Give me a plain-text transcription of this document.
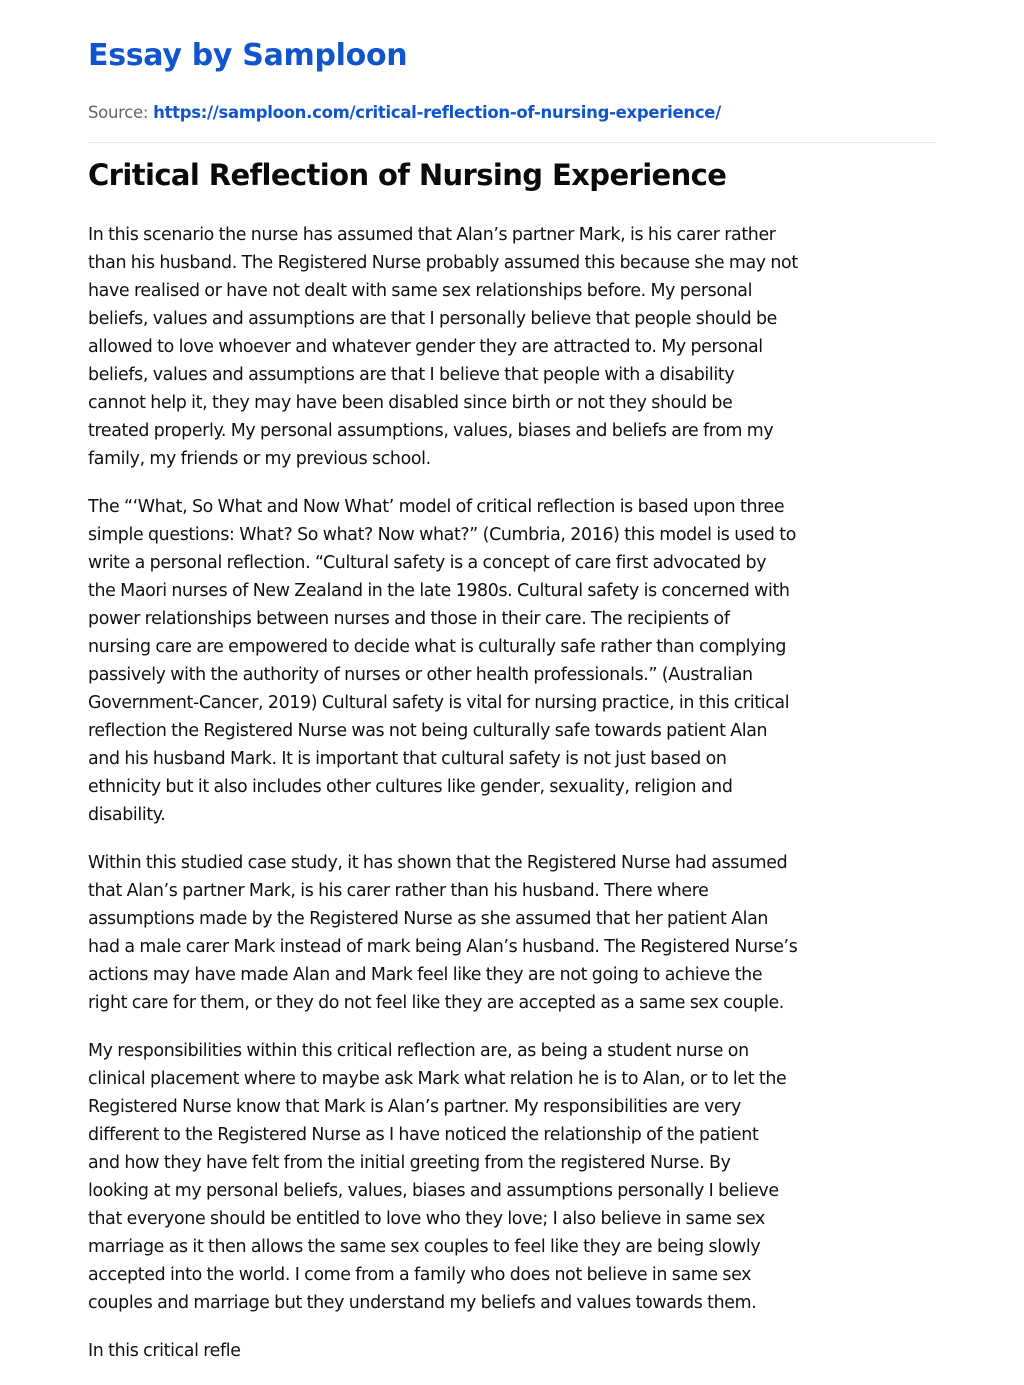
Essay by Samploon
Source: https://samploon.com/critical-reflection-of-nursing-experience/
Critical Reflection of Nursing Experience

In this scenario the nurse has assumed that Alan’s partner Mark, is his carer rather
than his husband. The Registered Nurse probably assumed this because she may not
have realised or have not dealt with same sex relationships before. My personal
beliefs, values and assumptions are that I personally believe that people should be
allowed to love whoever and whatever gender they are attracted to. My personal
beliefs, values and assumptions are that I believe that people with a disability
cannot help it, they may have been disabled since birth or not they should be
treated properly. My personal assumptions, values, biases and beliefs are from my
family, my friends or my previous school.

The “‘What, So What and Now What’ model of critical reflection is based upon three
simple questions: What? So what? Now what?” (Cumbria, 2016) this model is used to
write a personal reflection. “Cultural safety is a concept of care first advocated by
the Maori nurses of New Zealand in the late 1980s. Cultural safety is concerned with
power relationships between nurses and those in their care. The recipients of
nursing care are empowered to decide what is culturally safe rather than complying
passively with the authority of nurses or other health professionals.” (Australian
Government-Cancer, 2019) Cultural safety is vital for nursing practice, in this critical
reflection the Registered Nurse was not being culturally safe towards patient Alan
and his husband Mark. It is important that cultural safety is not just based on
ethnicity but it also includes other cultures like gender, sexuality, religion and
disability.

Within this studied case study, it has shown that the Registered Nurse had assumed
that Alan’s partner Mark, is his carer rather than his husband. There where
assumptions made by the Registered Nurse as she assumed that her patient Alan
had a male carer Mark instead of mark being Alan’s husband. The Registered Nurse’s
actions may have made Alan and Mark feel like they are not going to achieve the
right care for them, or they do not feel like they are accepted as a same sex couple.

My responsibilities within this critical reflection are, as being a student nurse on
clinical placement where to maybe ask Mark what relation he is to Alan, or to let the
Registered Nurse know that Mark is Alan’s partner. My responsibilities are very
different to the Registered Nurse as I have noticed the relationship of the patient
and how they have felt from the initial greeting from the registered Nurse. By
looking at my personal beliefs, values, biases and assumptions personally I believe
that everyone should be entitled to love who they love; I also believe in same sex
marriage as it then allows the same sex couples to feel like they are being slowly
accepted into the world. I come from a family who does not believe in same sex
couples and marriage but they understand my beliefs and values towards them.

In this critical refle
